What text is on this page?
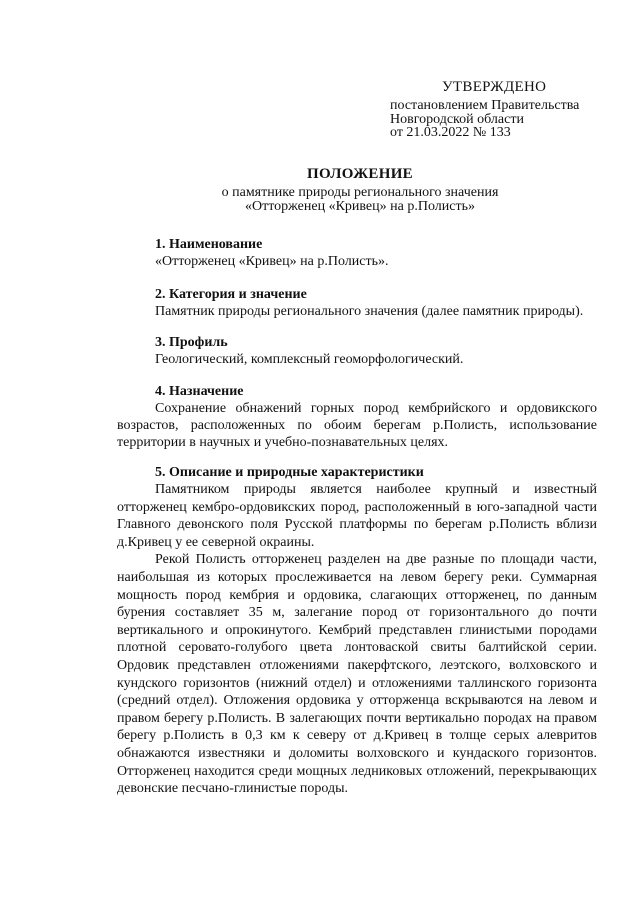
УТВЕРЖДЕНО
постановлением Правительства
Новгородской области
от 21.03.2022 № 133
ПОЛОЖЕНИЕ
о памятнике природы регионального значения
«Отторженец «Кривец» на р.Полисть»
1. Наименование

«Отторженец «Кривец» на р.Полисть».

2. Категория и значение

Памятник природы регионального значения (далее памятник природы).

3. Профиль

Геологический, комплексный геоморфологический.

4. Назначение

Сохранение обнажений горных пород кембрийского и ордовикского возрастов, расположенных по обоим берегам р.Полисть, использование территории в научных и учебно-познавательных целях.

5. Описание и природные характеристики

Памятником природы является наиболее крупный и известный отторженец кембро-ордовикских пород, расположенный в юго-западной части Главного девонского поля Русской платформы по берегам р.Полисть вблизи д.Кривец у ее северной окраины.

Рекой Полисть отторженец разделен на две разные по площади части, наибольшая из которых прослеживается на левом берегу реки. Суммарная мощность пород кембрия и ордовика, слагающих отторженец, по данным бурения составляет 35 м, залегание пород от горизонтального до почти вертикального и опрокинутого. Кембрий представлен глинистыми породами плотной серовато-голубого цвета лонтоваской свиты балтийской серии. Ордовик представлен отложениями пакерфтского, леэтского, волховского и кундского горизонтов (нижний отдел) и отложениями таллинского горизонта (средний отдел). Отложения ордовика у отторженца вскрываются на левом и правом берегу р.Полисть. В залегающих почти вертикально породах на правом берегу р.Полисть в 0,3 км к северу от д.Кривец в толще серых алевритов обнажаются известняки и доломиты волховского и кундаского горизонтов. Отторженец находится среди мощных ледниковых отложений, перекрывающих девонские песчано-глинистые породы.
